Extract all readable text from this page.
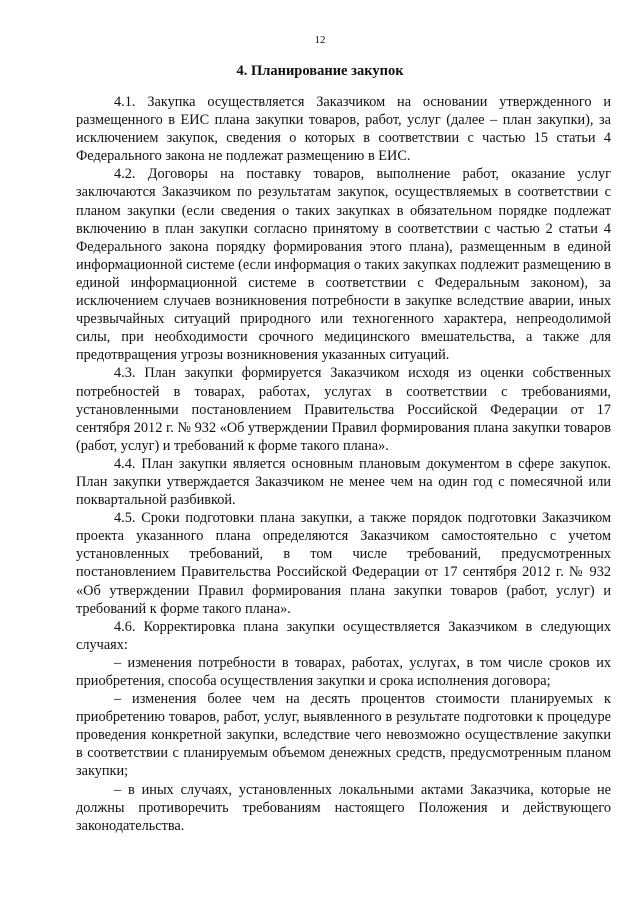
12
4. Планирование закупок

4.1. Закупка осуществляется Заказчиком на основании утвержденного и размещенного в ЕИС плана закупки товаров, работ, услуг (далее – план закупки), за исключением закупок, сведения о которых в соответствии с частью 15 статьи 4 Федерального закона не подлежат размещению в ЕИС.

4.2. Договоры на поставку товаров, выполнение работ, оказание услуг заключаются Заказчиком по результатам закупок, осуществляемых в соответствии с планом закупки (если сведения о таких закупках в обязательном порядке подлежат включению в план закупки согласно принятому в соответствии с частью 2 статьи 4 Федерального закона порядку формирования этого плана), размещенным в единой информационной системе (если информация о таких закупках подлежит размещению в единой информационной системе в соответствии с Федеральным законом), за исключением случаев возникновения потребности в закупке вследствие аварии, иных чрезвычайных ситуаций природного или техногенного характера, непреодолимой силы, при необходимости срочного медицинского вмешательства, а также для предотвращения угрозы возникновения указанных ситуаций.

4.3. План закупки формируется Заказчиком исходя из оценки собственных потребностей в товарах, работах, услугах в соответствии с требованиями, установленными постановлением Правительства Российской Федерации от 17 сентября 2012 г. № 932 «Об утверждении Правил формирования плана закупки товаров (работ, услуг) и требований к форме такого плана».

4.4. План закупки является основным плановым документом в сфере закупок. План закупки утверждается Заказчиком не менее чем на один год с помесячной или поквартальной разбивкой.

4.5. Сроки подготовки плана закупки, а также порядок подготовки Заказчиком проекта указанного плана определяются Заказчиком самостоятельно с учетом установленных требований, в том числе требований, предусмотренных постановлением Правительства Российской Федерации от 17 сентября 2012 г. № 932 «Об утверждении Правил формирования плана закупки товаров (работ, услуг) и требований к форме такого плана».

4.6. Корректировка плана закупки осуществляется Заказчиком в следующих случаях:

– изменения потребности в товарах, работах, услугах, в том числе сроков их приобретения, способа осуществления закупки и срока исполнения договора;

– изменения более чем на десять процентов стоимости планируемых к приобретению товаров, работ, услуг, выявленного в результате подготовки к процедуре проведения конкретной закупки, вследствие чего невозможно осуществление закупки в соответствии с планируемым объемом денежных средств, предусмотренным планом закупки;

– в иных случаях, установленных локальными актами Заказчика, которые не должны противоречить требованиям настоящего Положения и действующего законодательства.
